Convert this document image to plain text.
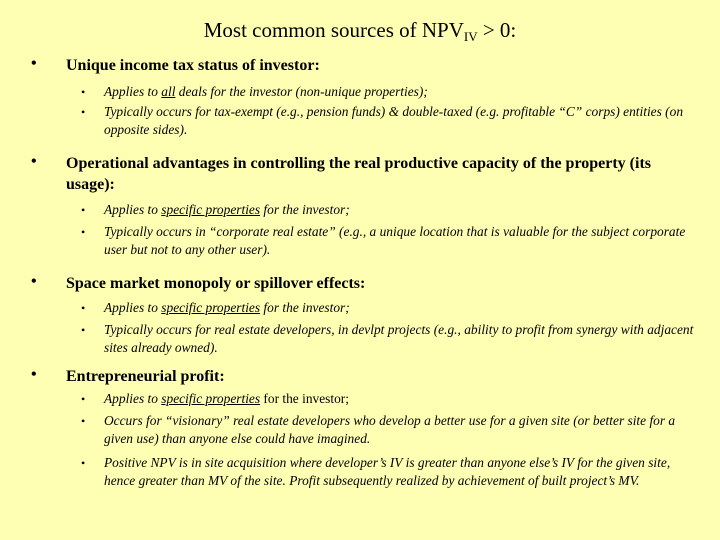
Most common sources of $NPV_{IV} > 0$:
• Unique income tax status of investor:
• Applies to all deals for the investor (non-unique properties);
• Typically occurs for tax-exempt (e.g., pension funds) & double-taxed (e.g. profitable “C” corps) entities (on opposite sides).
• Operational advantages in controlling the real productive capacity of the property (its usage):
• Applies to specific properties for the investor;
• Typically occurs in “corporate real estate” (e.g., a unique location that is valuable for the subject corporate user but not to any other user).
• Space market monopoly or spillover effects:
• Applies to specific properties for the investor;
• Typically occurs for real estate developers, in devlpt projects (e.g., ability to profit from synergy with adjacent sites already owned).
• Entrepreneurial profit:
• Applies to specific properties for the investor;
• Occurs for “visionary” real estate developers who develop a better use for a given site (or better site for a given use) than anyone else could have imagined.
• Positive NPV is in site acquisition where developer’s IV is greater than anyone else’s IV for the given site, hence greater than MV of the site. Profit subsequently realized by achievement of built project’s MV.
